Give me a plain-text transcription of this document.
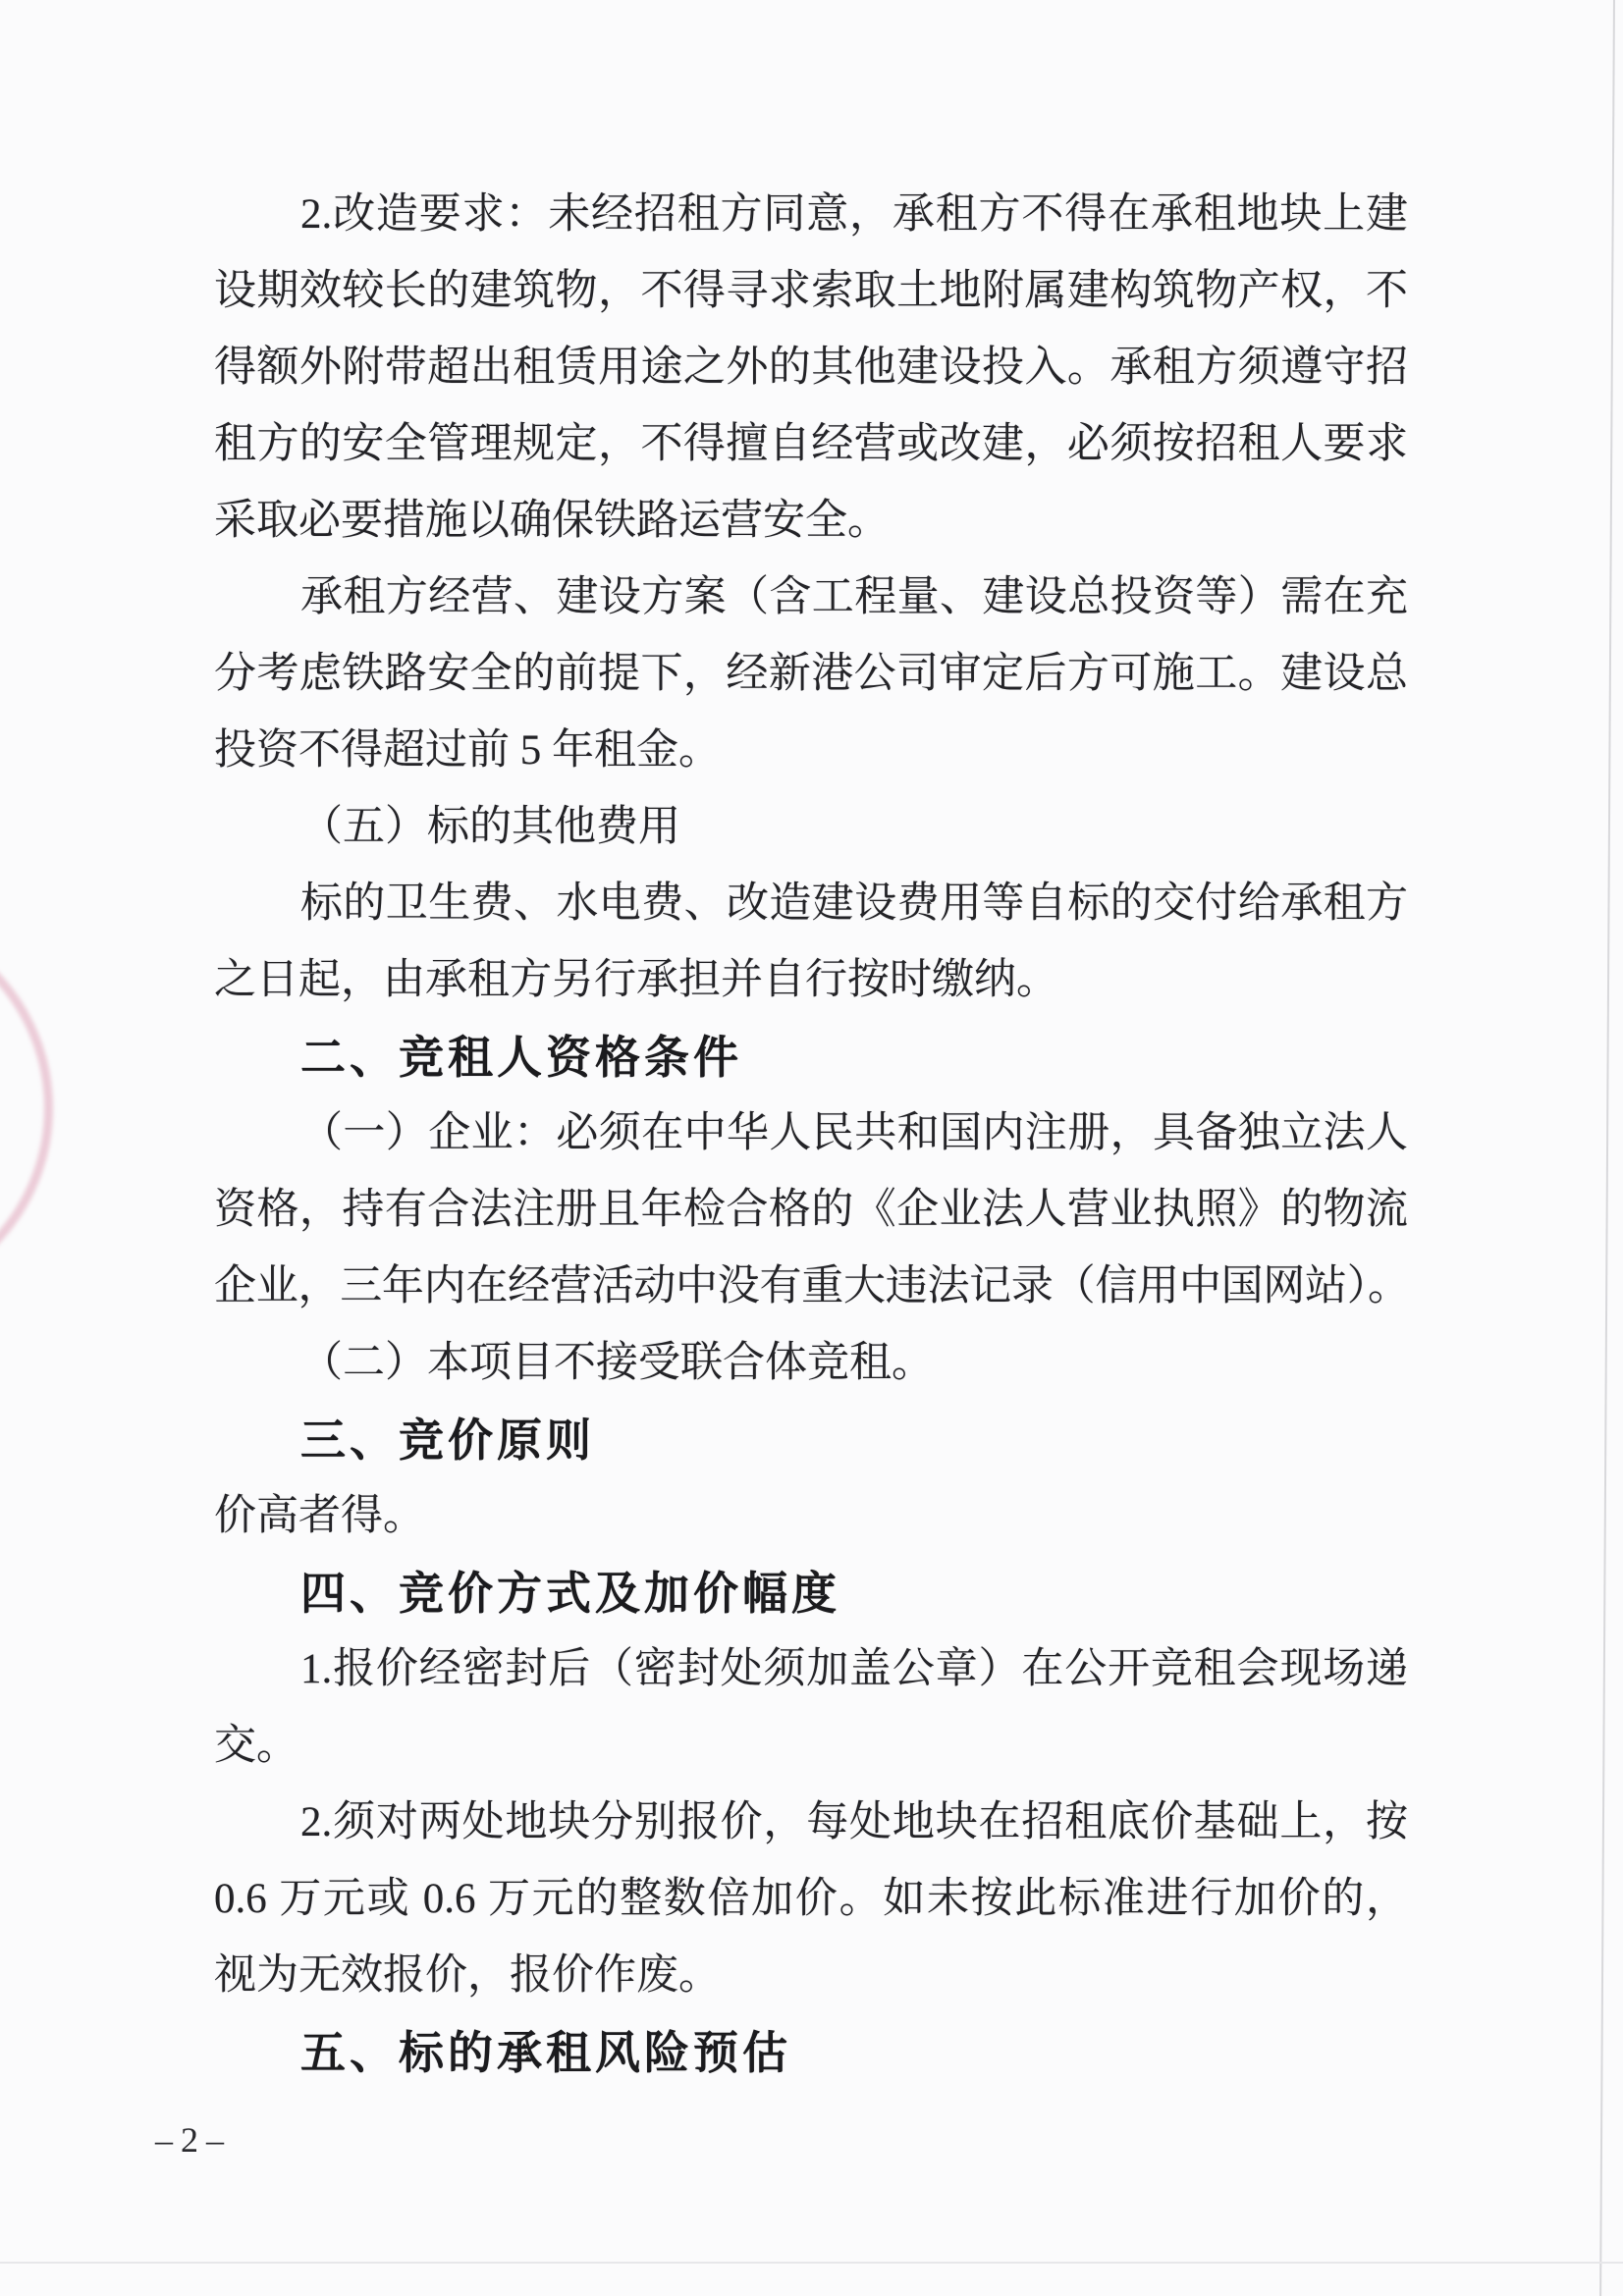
2.改造要求：未经招租方同意，承租方不得在承租地块上建
设期效较长的建筑物，不得寻求索取土地附属建构筑物产权，不
得额外附带超出租赁用途之外的其他建设投入。承租方须遵守招
租方的安全管理规定，不得擅自经营或改建，必须按招租人要求
采取必要措施以确保铁路运营安全。
承租方经营、建设方案（含工程量、建设总投资等）需在充
分考虑铁路安全的前提下，经新港公司审定后方可施工。建设总
投资不得超过前 5 年租金。
（五）标的其他费用
标的卫生费、水电费、改造建设费用等自标的交付给承租方
之日起，由承租方另行承担并自行按时缴纳。
二、竞租人资格条件
（一）企业：必须在中华人民共和国内注册，具备独立法人
资格，持有合法注册且年检合格的《企业法人营业执照》的物流
企业，三年内在经营活动中没有重大违法记录（信用中国网站）。
（二）本项目不接受联合体竞租。
三、竞价原则
价高者得。
四、竞价方式及加价幅度
1.报价经密封后（密封处须加盖公章）在公开竞租会现场递
交。
2.须对两处地块分别报价，每处地块在招租底价基础上，按
0.6 万元或 0.6 万元的整数倍加价。如未按此标准进行加价的，
视为无效报价，报价作废。
五、标的承租风险预估
–2–
